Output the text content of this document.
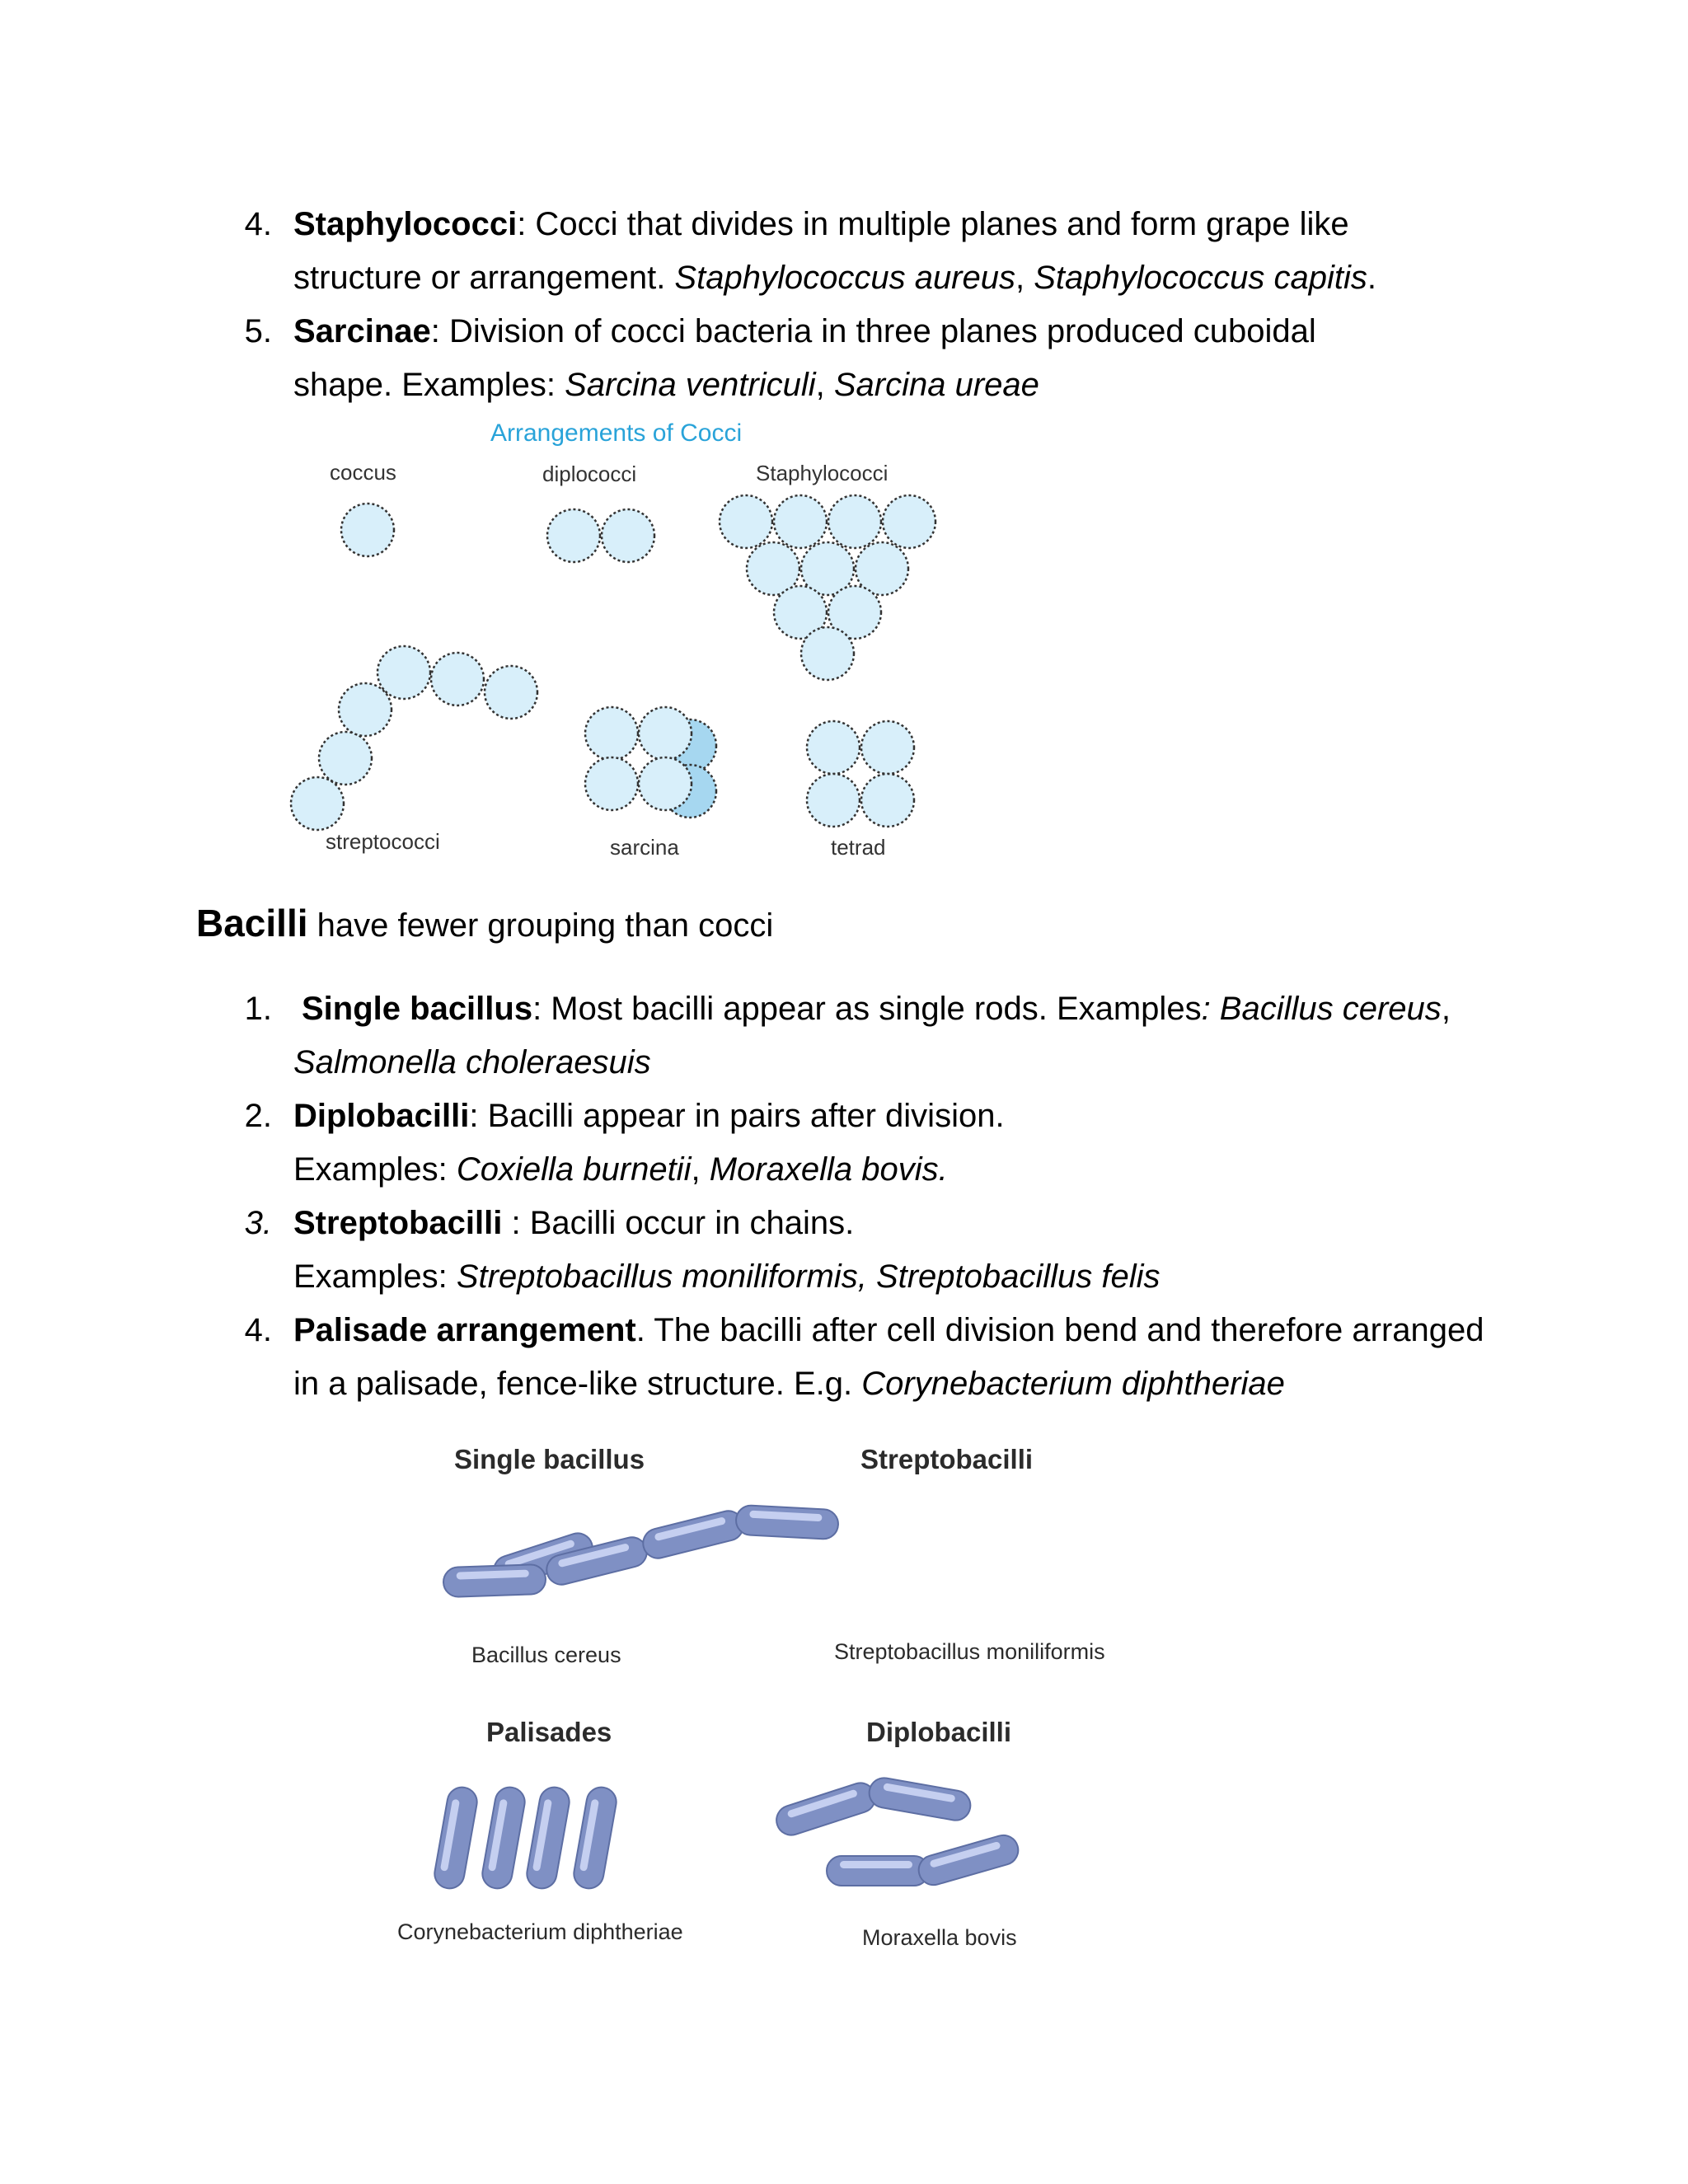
4. Staphylococci: Cocci that divides in multiple planes and form grape like
structure or arrangement. Staphylococcus aureus, Staphylococcus capitis.
5. Sarcinae: Division of cocci bacteria in three planes produced cuboidal
shape. Examples: Sarcina ventriculi, Sarcina ureae
Arrangements of Cocci
coccus	diplococci	Staphylococci
streptococci	sarcina	tetrad
Bacilli have fewer grouping than cocci
1. Single bacillus: Most bacilli appear as single rods. Examples: Bacillus cereus,
Salmonella choleraesuis
2. Diplobacilli: Bacilli appear in pairs after division.
Examples: Coxiella burnetii, Moraxella bovis.
3. Streptobacilli : Bacilli occur in chains.
Examples: Streptobacillus moniliformis, Streptobacillus felis
4. Palisade arrangement. The bacilli after cell division bend and therefore arranged
in a palisade, fence-like structure. E.g. Corynebacterium diphtheriae
Single bacillus	Streptobacilli
Bacillus cereus	Streptobacillus moniliformis
Palisades	Diplobacilli
Corynebacterium diphtheriae	Moraxella bovis
